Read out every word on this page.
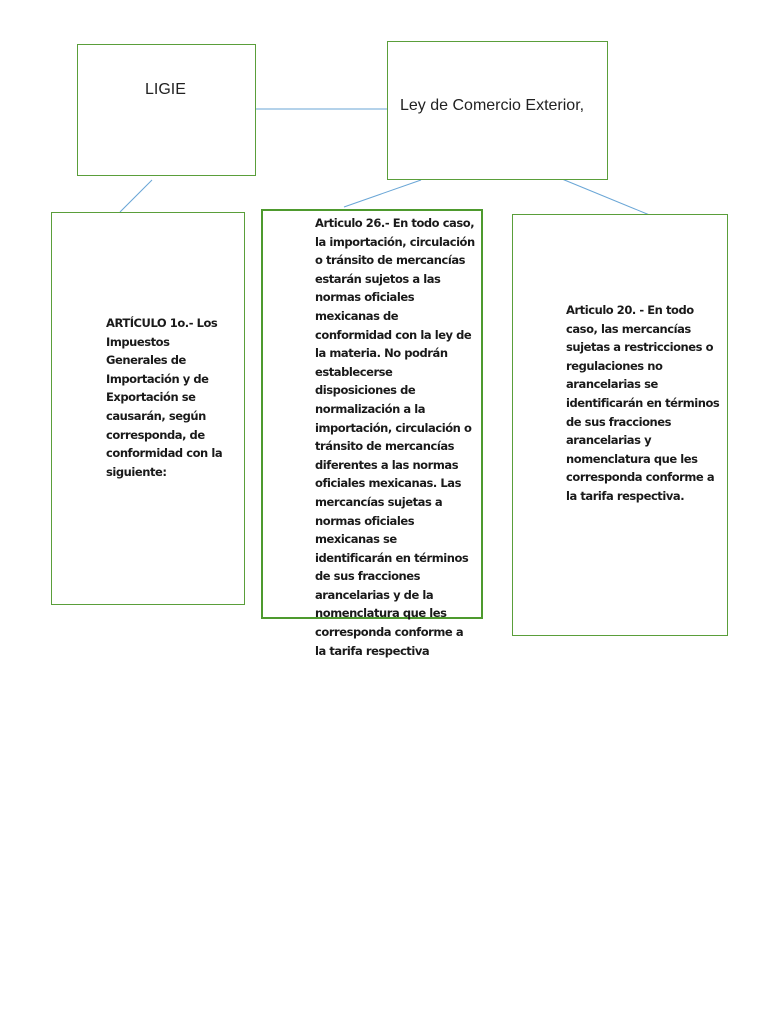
LIGIE
Ley de Comercio Exterior,

ARTÍCULO 1o.- Los Impuestos Generales de Importación y de Exportación se causarán, según corresponda, de conformidad con la siguiente:

Articulo 26.- En todo caso, la importación, circulación o tránsito de mercancías estarán sujetos a las normas oficiales mexicanas de conformidad con la ley de la materia. No podrán establecerse disposiciones de normalización a la importación, circulación o tránsito de mercancías diferentes a las normas oficiales mexicanas. Las mercancías sujetas a normas oficiales mexicanas se identificarán en términos de sus fracciones arancelarias y de la nomenclatura que les corresponda conforme a la tarifa respectiva

Articulo 20. - En todo caso, las mercancías sujetas a restricciones o regulaciones no arancelarias se identificarán en términos de sus fracciones arancelarias y nomenclatura que les corresponda conforme a la tarifa respectiva.
